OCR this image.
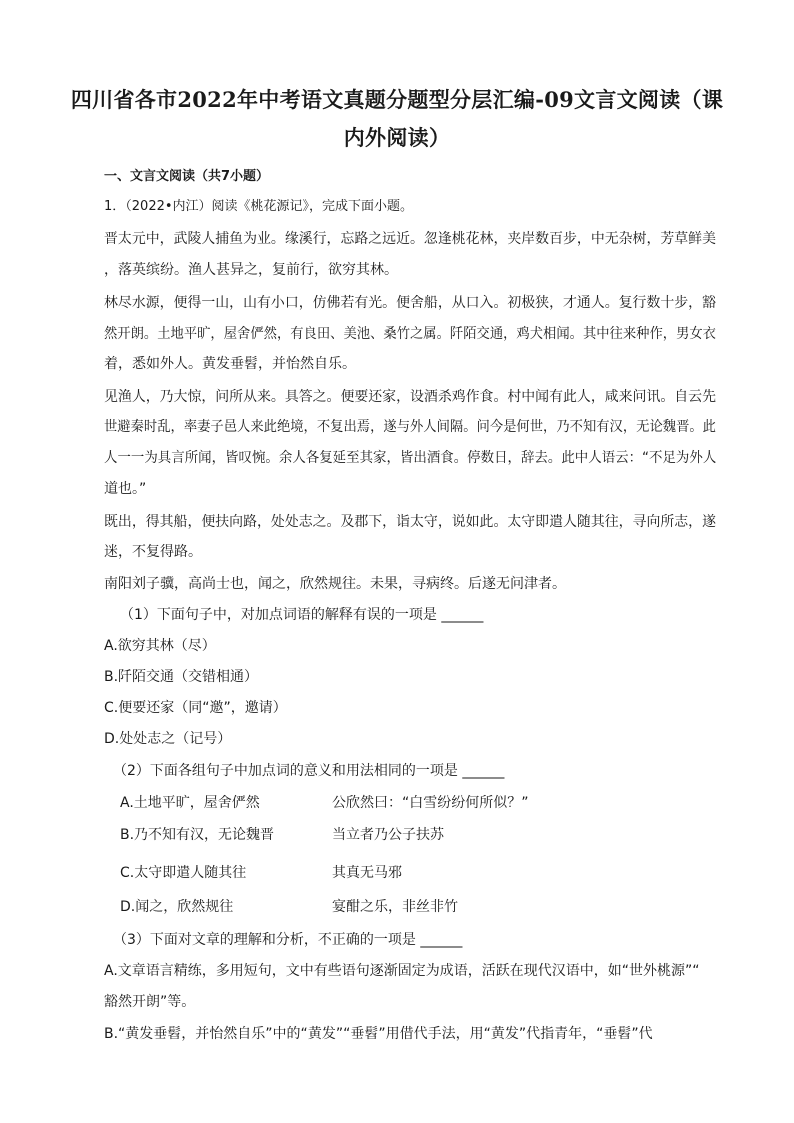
四川省各市2022年中考语文真题分题型分层汇编-09文言文阅读（课
内外阅读）
一、文言文阅读（共7小题）
1．（2022•内江）阅读《桃花源记》，完成下面小题。
晋太元中，武陵人捕鱼为业。缘溪行，忘路之远近。忽逢桃花林，夹岸数百步，中无杂树，芳草鲜美
，落英缤纷。渔人甚异之，复前行，欲穷其林。
林尽水源，便得一山，山有小口，仿佛若有光。便舍船，从口入。初极狭，才通人。复行数十步，豁
然开朗。土地平旷，屋舍俨然，有良田、美池、桑竹之属。阡陌交通，鸡犬相闻。其中往来种作，男女衣
着，悉如外人。黄发垂髫，并怡然自乐。
见渔人，乃大惊，问所从来。具答之。便要还家，设酒杀鸡作食。村中闻有此人，咸来问讯。自云先
世避秦时乱，率妻子邑人来此绝境，不复出焉，遂与外人间隔。问今是何世，乃不知有汉，无论魏晋。此
人一一为具言所闻，皆叹惋。余人各复延至其家，皆出酒食。停数日，辞去。此中人语云：“不足为外人
道也。”
既出，得其船，便扶向路，处处志之。及郡下，诣太守，说如此。太守即遣人随其往，寻向所志，遂
迷，不复得路。
南阳刘子骥，高尚士也，闻之，欣然规往。未果，寻病终。后遂无问津者。
（1）下面句子中，对加点词语的解释有误的一项是 ______
A.欲穷其林（尽）
B.阡陌交通（交错相通）
C.便要还家（同“邀”，邀请）
D.处处志之（记号）
（2）下面各组句子中加点词的意义和用法相同的一项是 ______
A.土地平旷，屋舍俨然	公欣然曰：“白雪纷纷何所似？”
B.乃不知有汉，无论魏晋	当立者乃公子扶苏
C.太守即遣人随其往	其真无马邪
D.闻之，欣然规往	宴酣之乐，非丝非竹
（3）下面对文章的理解和分析，不正确的一项是 ______
A.文章语言精练，多用短句，文中有些语句逐渐固定为成语，活跃在现代汉语中，如“世外桃源”“
豁然开朗”等。
B.“黄发垂髫，并怡然自乐”中的“黄发”“垂髫”用借代手法，用“黄发”代指青年，“垂髫”代
